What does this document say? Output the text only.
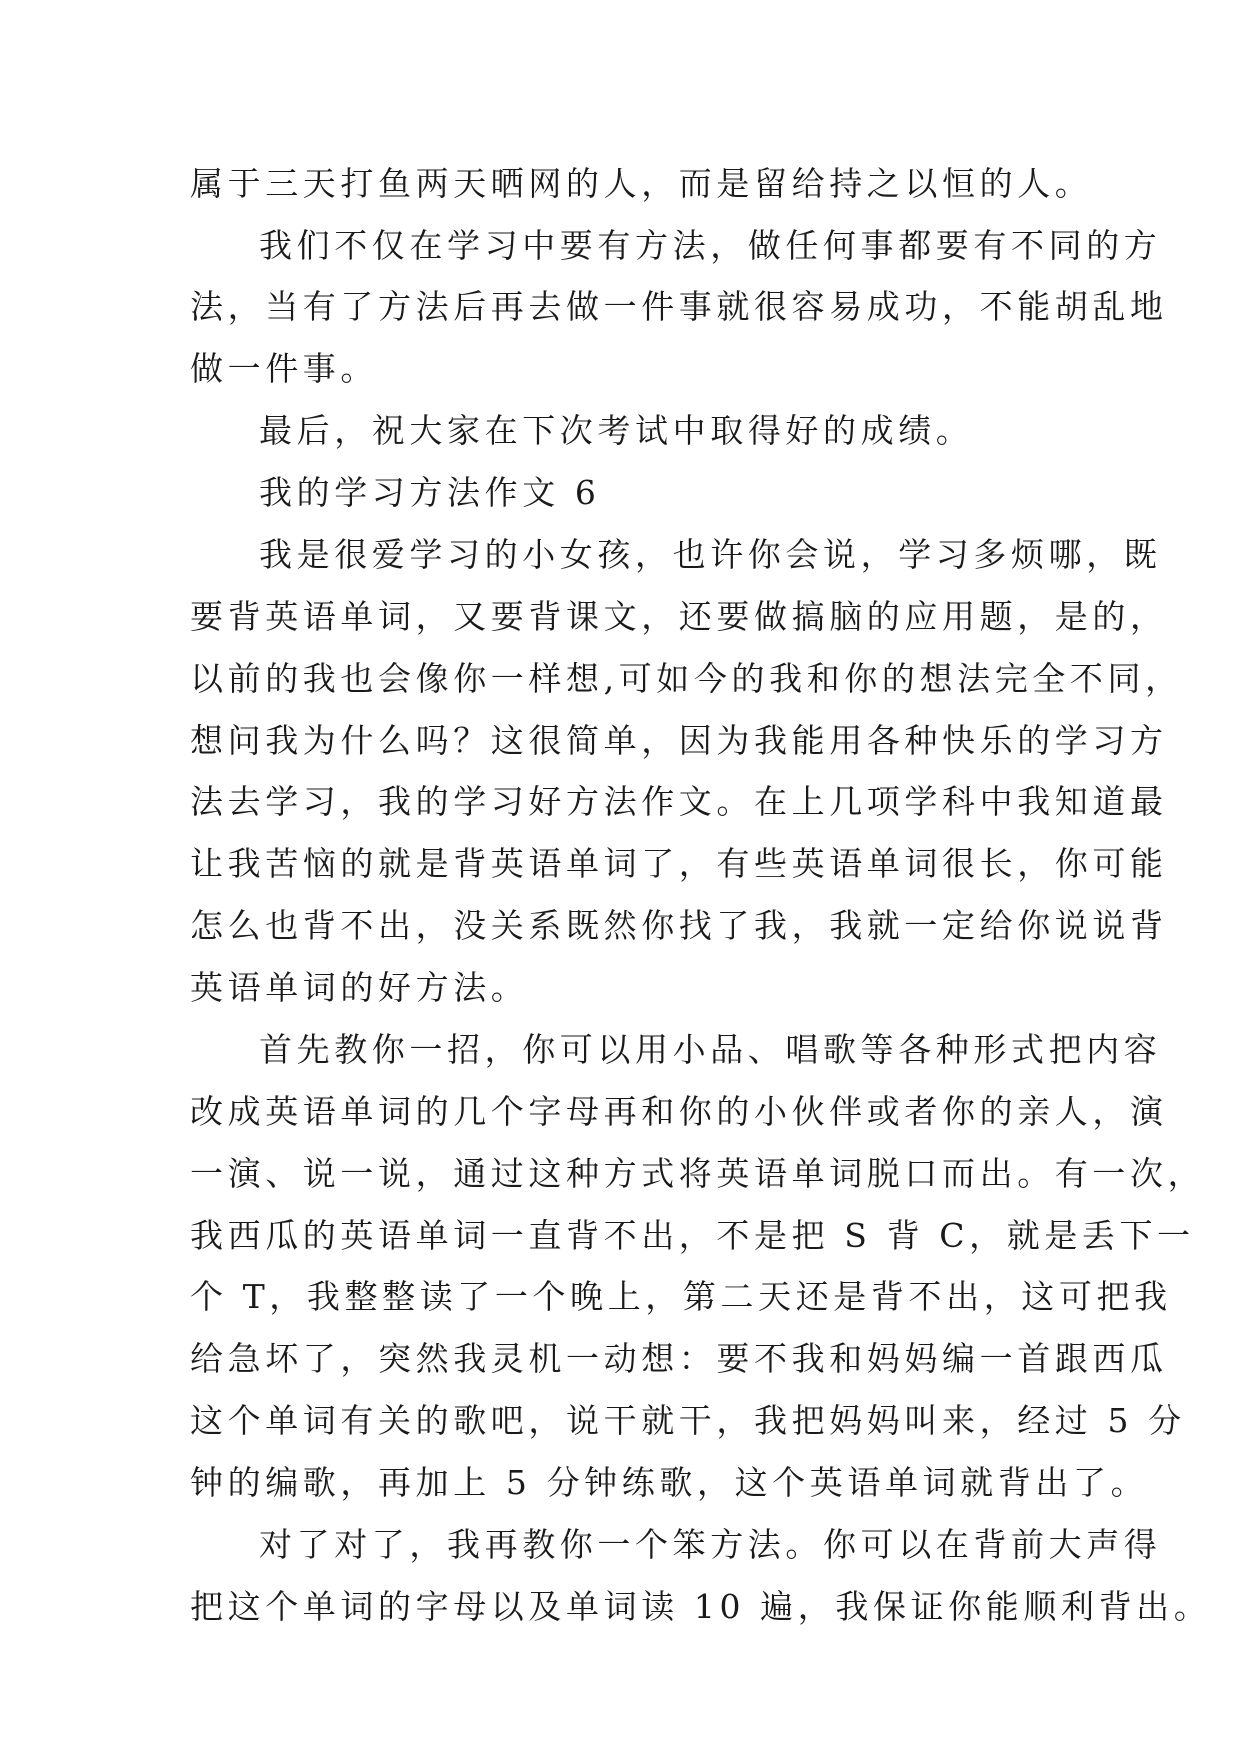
属于三天打鱼两天晒网的人，而是留给持之以恒的人。
我们不仅在学习中要有方法，做任何事都要有不同的方
法，当有了方法后再去做一件事就很容易成功，不能胡乱地
做一件事。
最后，祝大家在下次考试中取得好的成绩。
我的学习方法作文 6
我是很爱学习的小女孩，也许你会说，学习多烦哪，既
要背英语单词，又要背课文，还要做搞脑的应用题，是的，
以前的我也会像你一样想,可如今的我和你的想法完全不同，
想问我为什么吗？这很简单，因为我能用各种快乐的学习方
法去学习，我的学习好方法作文。在上几项学科中我知道最
让我苦恼的就是背英语单词了，有些英语单词很长，你可能
怎么也背不出，没关系既然你找了我，我就一定给你说说背
英语单词的好方法。
首先教你一招，你可以用小品、唱歌等各种形式把内容
改成英语单词的几个字母再和你的小伙伴或者你的亲人，演
一演、说一说，通过这种方式将英语单词脱口而出。有一次，
我西瓜的英语单词一直背不出，不是把 S 背 C，就是丢下一
个 T，我整整读了一个晚上，第二天还是背不出，这可把我
给急坏了，突然我灵机一动想：要不我和妈妈编一首跟西瓜
这个单词有关的歌吧，说干就干，我把妈妈叫来，经过 5 分
钟的编歌，再加上 5 分钟练歌，这个英语单词就背出了。
对了对了，我再教你一个笨方法。你可以在背前大声得
把这个单词的字母以及单词读 10 遍，我保证你能顺利背出。
